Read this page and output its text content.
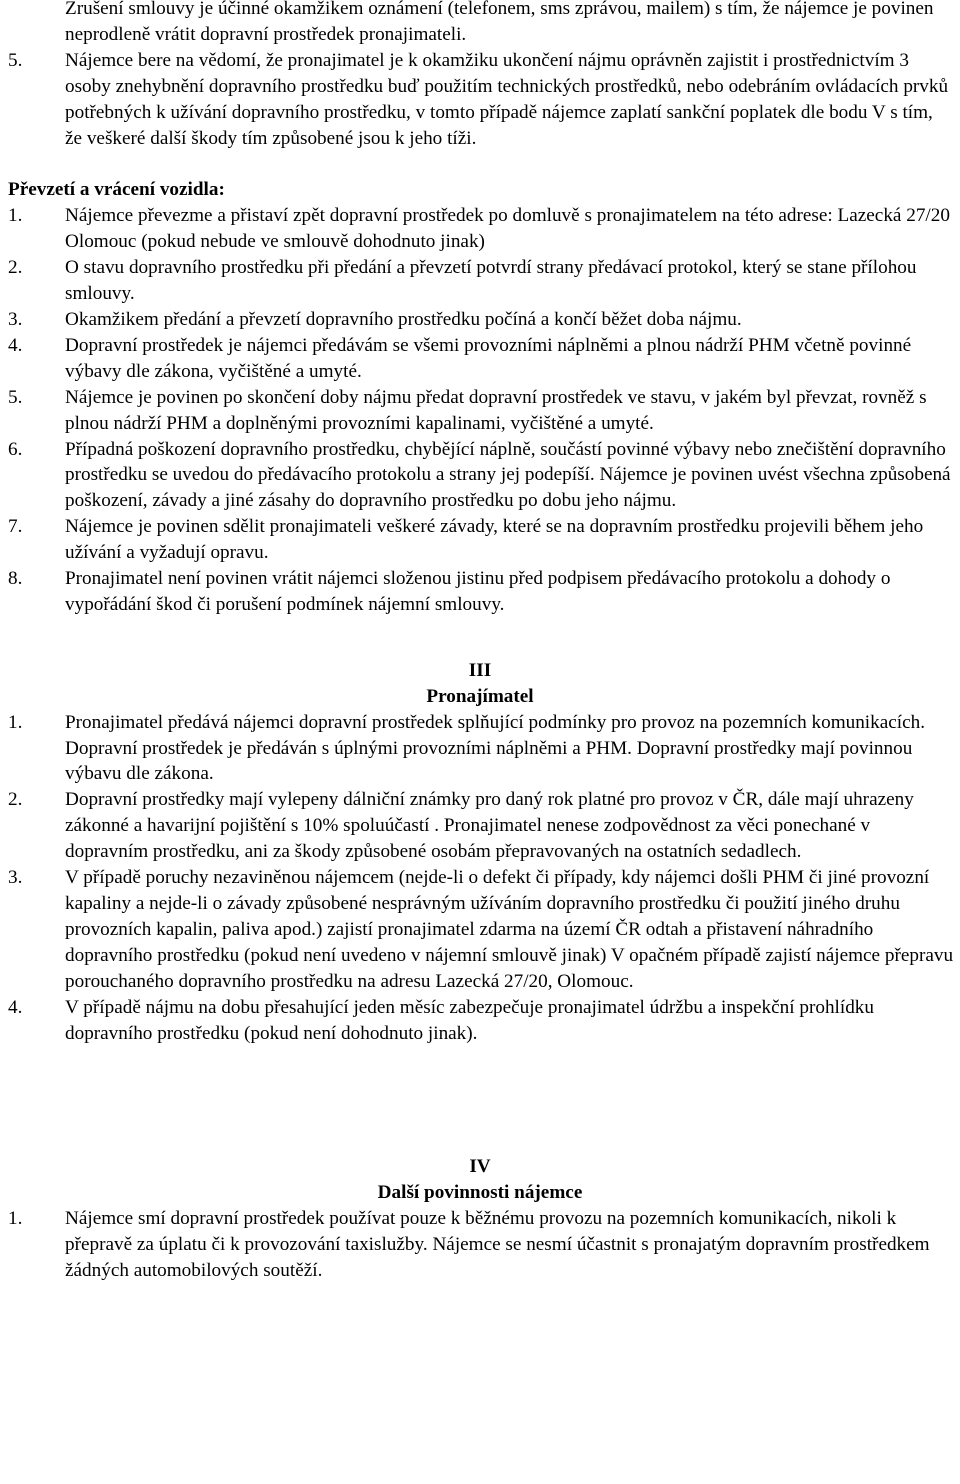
Zrušení smlouvy je účinné okamžikem oznámení (telefonem, sms zprávou, mailem) s tím, že nájemce je povinen neprodleně vrátit dopravní prostředek pronajimateli.
5. Nájemce bere na vědomí, že pronajimatel je k okamžiku ukončení nájmu oprávněn zajistit i prostřednictvím 3 osoby znehybnění dopravního prostředku buď použitím technických prostředků, nebo odebráním ovládacích prvků potřebných k užívání dopravního prostředku, v tomto případě nájemce zaplatí sankční poplatek dle bodu V s tím, že veškeré další škody tím způsobené jsou k jeho tíži.
Převzetí a vrácení vozidla:
1. Nájemce převezme a přistaví zpět dopravní prostředek po domluvě s pronajimatelem na této adrese: Lazecká 27/20 Olomouc (pokud nebude ve smlouvě dohodnuto jinak)
2. O stavu dopravního prostředku při předání a převzetí potvrdí strany předávací protokol, který se stane přílohou smlouvy.
3. Okamžikem předání a převzetí dopravního prostředku počíná a končí běžet doba nájmu.
4. Dopravní prostředek je nájemci předávám se všemi provozními náplněmi a plnou nádrží PHM včetně povinné výbavy dle zákona, vyčištěné a umyté.
5. Nájemce je povinen po skončení doby nájmu předat dopravní prostředek ve stavu, v jakém byl převzat, rovněž s plnou nádrží PHM a doplněnými provozními kapalinami, vyčištěné a umyté.
6. Případná poškození dopravního prostředku, chybějící náplně, součástí povinné výbavy nebo znečištění dopravního prostředku se uvedou do předávacího protokolu a strany jej podepíší. Nájemce je povinen uvést všechna způsobená poškození, závady a jiné zásahy do dopravního prostředku po dobu jeho nájmu.
7. Nájemce je povinen sdělit pronajimateli veškeré závady, které se na dopravním prostředku projevili během jeho užívání a vyžadují opravu.
8. Pronajimatel není povinen vrátit nájemci složenou jistinu před podpisem předávacího protokolu a dohody o vypořádání škod či porušení podmínek nájemní smlouvy.
III
Pronajímatel
1. Pronajimatel předává nájemci dopravní prostředek splňující podmínky pro provoz na pozemních komunikacích. Dopravní prostředek je předáván s úplnými provozními náplněmi a PHM. Dopravní prostředky mají povinnou výbavu dle zákona.
2. Dopravní prostředky mají vylepeny dálniční známky pro daný rok platné pro provoz v ČR, dále mají uhrazeny zákonné a havarijní pojištění s 10% spoluúčastí . Pronajimatel nenese zodpovědnost za věci ponechané v dopravním prostředku, ani za škody způsobené osobám přepravovaných na ostatních sedadlech.
3. V případě poruchy nezaviněnou nájemcem (nejde-li o defekt či případy, kdy nájemci došli PHM či jiné provozní kapaliny a nejde-li o závady způsobené nesprávným užíváním dopravního prostředku či použití jiného druhu provozních kapalin, paliva apod.) zajistí pronajimatel zdarma na území ČR odtah a přistavení náhradního dopravního prostředku (pokud není uvedeno v nájemní smlouvě jinak) V opačném případě zajistí nájemce přepravu porouchaného dopravního prostředku na adresu Lazecká 27/20, Olomouc.
4. V případě nájmu na dobu přesahující jeden měsíc zabezpečuje pronajimatel údržbu a inspekční prohlídku dopravního prostředku (pokud není dohodnuto jinak).
IV
Další povinnosti nájemce
1. Nájemce smí dopravní prostředek používat pouze k běžnému provozu na pozemních komunikacích, nikoli k přepravě za úplatu či k provozování taxislužby. Nájemce se nesmí účastnit s pronajatým dopravním prostředkem žádných automobilových soutěží.
